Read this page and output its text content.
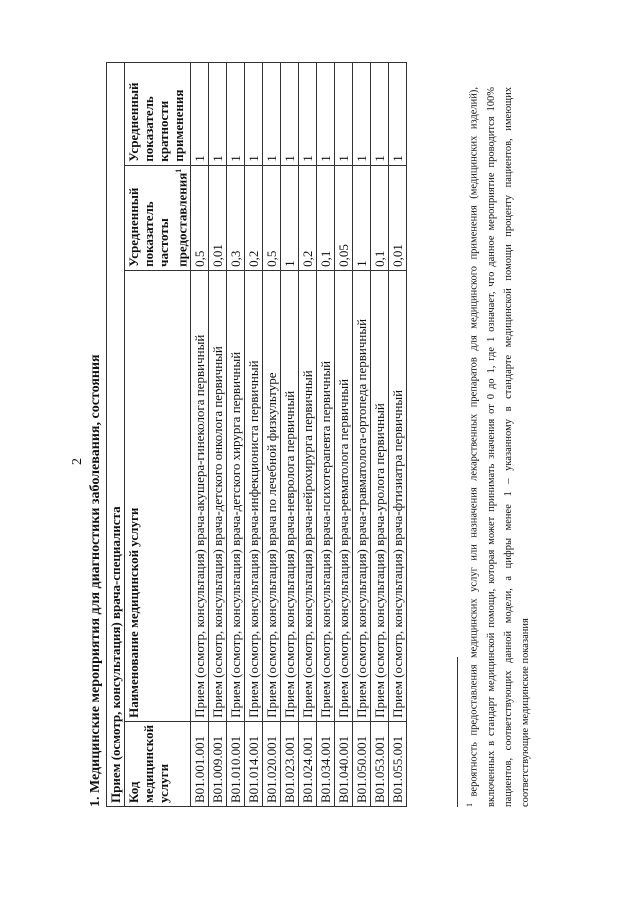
2 1. Медицинские мероприятия для диагностики заболевания, состояния Прием (осмотр, консультация) врача-специалиста			
Код медицинской услуги	Наименование медицинской услуги	Усредненный показатель частоты предоставления$^1$	Усредненный показатель кратности применения
B01.001.001	Прием (осмотр, консультация) врача-акушера-гинеколога первичный	0,5	1
B01.009.001	Прием (осмотр, консультация) врача-детского онколога первичный	0,01	1
B01.010.001	Прием (осмотр, консультация) врача-детского хирурга первичный	0,3	1
B01.014.001	Прием (осмотр, консультация) врача-инфекциониста первичный	0,2	1
B01.020.001	Прием (осмотр, консультация) врача по лечебной физкультуре	0,5	1
B01.023.001	Прием (осмотр, консультация) врача-невролога первичный	1	1
B01.024.001	Прием (осмотр, консультация) врача-нейрохирурга первичный	0,2	1
B01.034.001	Прием (осмотр, консультация) врача-психотерапевта первичный	0,1	1
B01.040.001	Прием (осмотр, консультация) врача-ревматолога первичный	0,05	1
B01.050.001	Прием (осмотр, консультация) врача-травматолога-ортопеда первичный	1	1
B01.053.001	Прием (осмотр, консультация) врача-уролога первичный	0,1	1
B01.055.001	Прием (осмотр, консультация) врача-фтизиатра первичный	0,01	1
$^1$ вероятность предоставления медицинских услуг или назначения лекарственных препаратов для медицинского применения (медицинских изделий), включенных в стандарт медицинской помощи, которая может принимать значения от 0 до 1, где 1 означает, что данное мероприятие проводится 100% пациентов, соответствующих данной модели, а цифры менее 1 – указанному в стандарте медицинской помощи проценту пациентов, имеющих соответствующие медицинские показания
